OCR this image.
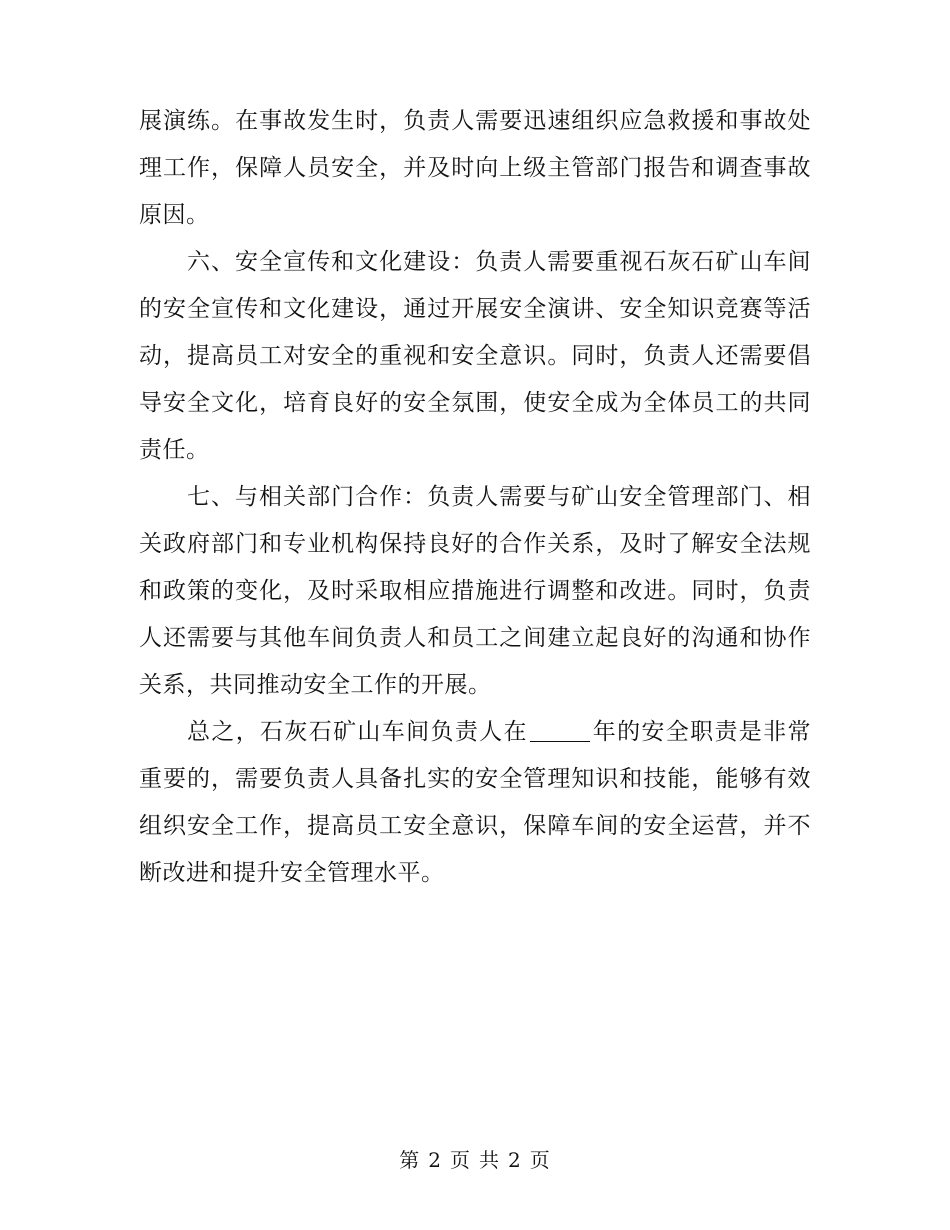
展演练。在事故发生时，负责人需要迅速组织应急救援和事故处理工作，保障人员安全，并及时向上级主管部门报告和调查事故原因。

六、安全宣传和文化建设：负责人需要重视石灰石矿山车间的安全宣传和文化建设，通过开展安全演讲、安全知识竞赛等活动，提高员工对安全的重视和安全意识。同时，负责人还需要倡导安全文化，培育良好的安全氛围，使安全成为全体员工的共同责任。

七、与相关部门合作：负责人需要与矿山安全管理部门、相关政府部门和专业机构保持良好的合作关系，及时了解安全法规和政策的变化，及时采取相应措施进行调整和改进。同时，负责人还需要与其他车间负责人和员工之间建立起良好的沟通和协作关系，共同推动安全工作的开展。

总之，石灰石矿山车间负责人在	年的安全职责是非常重要的，需要负责人具备扎实的安全管理知识和技能，能够有效组织安全工作，提高员工安全意识，保障车间的安全运营，并不断改进和提升安全管理水平。

第 2 页 共 2 页
